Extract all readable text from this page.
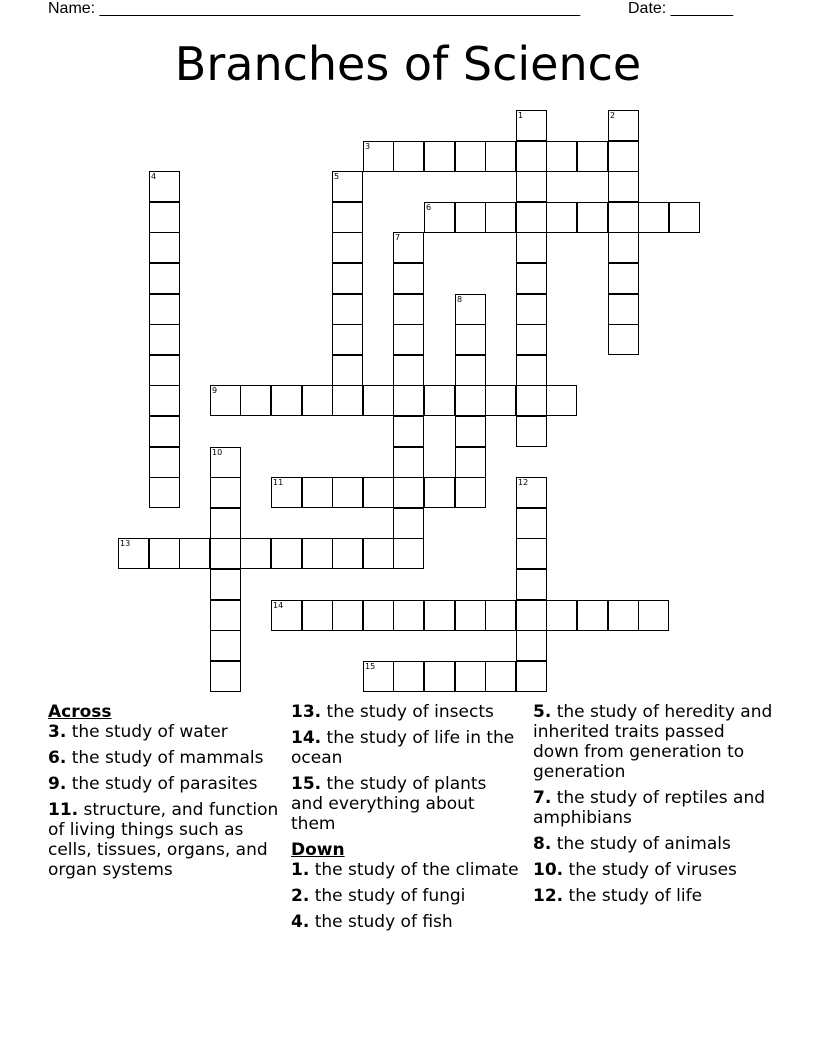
Name: ______________________________________________________	Date: _______
Branches of Science
1	2
3
4	5
6
7
8
9
10
11	12
13
14
15

Across

3. the study of water

6. the study of mammals

9. the study of parasites

11. structure, and function of living things such as cells, tissues, organs, and organ systems

13. the study of insects

14. the study of life in the ocean

15. the study of plants and everything about them

Down

1. the study of the climate

2. the study of fungi

4. the study of fish

5. the study of heredity and inherited traits passed down from generation to generation

7. the study of reptiles and amphibians

8. the study of animals

10. the study of viruses

12. the study of life
